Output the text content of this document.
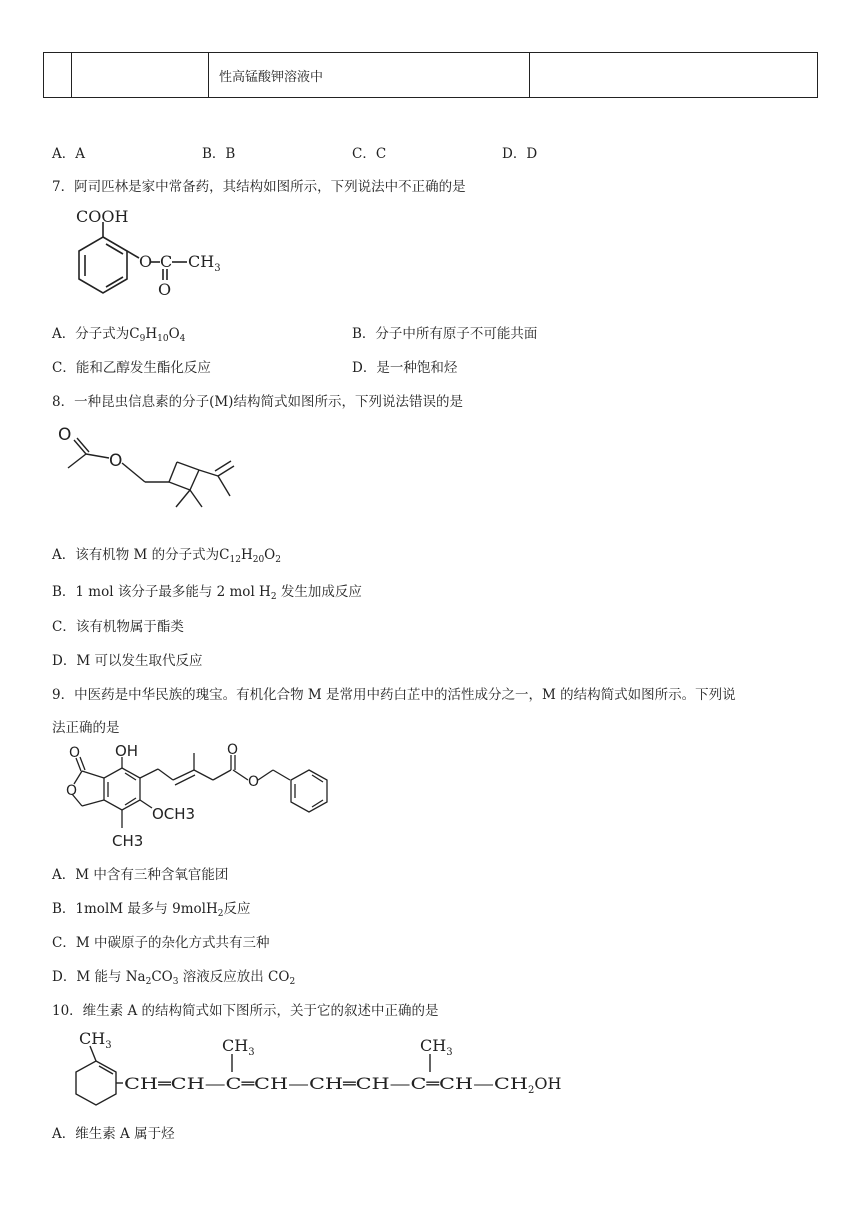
		性高锰酸钾溶液中	
A．A	B．B	C．C	D．D
7．阿司匹林是家中常备药，其结构如图所示，下列说法中不正确的是
COOH
O C $CH_3$
O
A．分子式为$C_9H_{10}O_4$	B．分子中所有原子不可能共面
C．能和乙醇发生酯化反应	D．是一种饱和烃
8．一种昆虫信息素的分子(M)结构简式如图所示，下列说法错误的是
O
O
A．该有机物 M 的分子式为$C_{12}H_{20}O_2$
B．1 mol 该分子最多能与 2 mol $H_2$ 发生加成反应
C．该有机物属于酯类
D．M 可以发生取代反应
9．中医药是中华民族的瑰宝。有机化合物 M 是常用中药白芷中的活性成分之一，M 的结构简式如图所示。下列说
法正确的是
OH
O
O
O
O
OCH3
CH3
A．M 中含有三种含氧官能团
B．1molM 最多与 9molH$_2$反应
C．M 中碳原子的杂化方式共有三种
D．M 能与 $Na_2CO_3$ 溶液反应放出 $CO_2$
10．维生素 A 的结构简式如下图所示，关于它的叙述中正确的是
$CH_3$	$CH_3$	$CH_3$
CH═CH—C═CH—CH═CH—C═CH—CH $_2$OH
A．维生素 A 属于烃
